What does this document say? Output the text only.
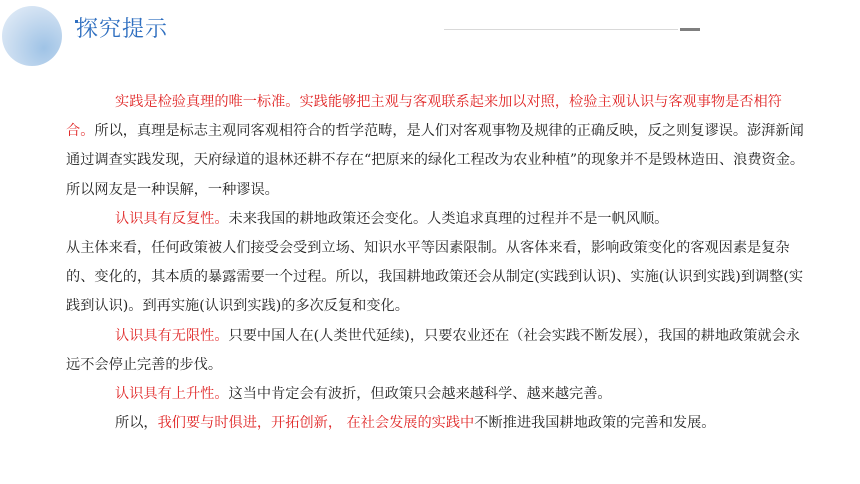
探究提示

实践是检验真理的唯一标准。实践能够把主观与客观联系起来加以对照，检验主观认识与客观事物是否相符合。所以，真理是标志主观同客观相符合的哲学范畴，是人们对客观事物及规律的正确反映，反之则复谬误。澎湃新闻通过调查实践发现，天府绿道的退林还耕不存在“把原来的绿化工程改为农业种植”的现象并不是毁林造田、浪费资金。所以网友是一种误解，一种谬误。

认识具有反复性。未来我国的耕地政策还会变化。人类追求真理的过程并不是一帆风顺。

从主体来看，任何政策被人们接受会受到立场、知识水平等因素限制。从客体来看，影响政策变化的客观因素是复杂的、变化的，其本质的暴露需要一个过程。所以，我国耕地政策还会从制定(实践到认识)、实施(认识到实践)到调整(实践到认识)。到再实施(认识到实践)的多次反复和变化。

认识具有无限性。只要中国人在(人类世代延续)，只要农业还在（社会实践不断发展），我国的耕地政策就会永远不会停止完善的步伐。

认识具有上升性。这当中肯定会有波折，但政策只会越来越科学、越来越完善。

所以，我们要与时俱进，开拓创新， 在社会发展的实践中不断推进我国耕地政策的完善和发展。
